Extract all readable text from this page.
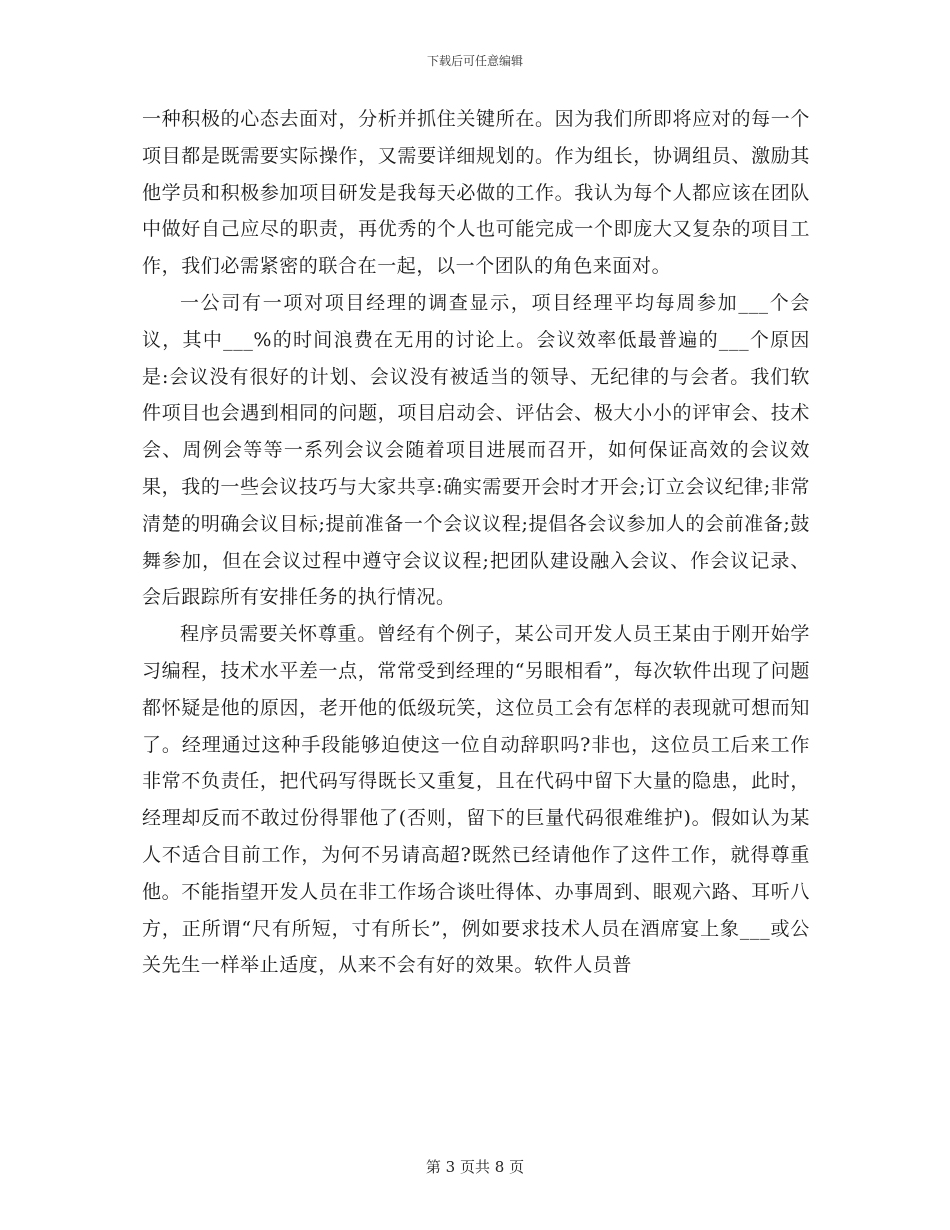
下载后可任意编辑

一种积极的心态去面对，分析并抓住关键所在。因为我们所即将应对的每一个项目都是既需要实际操作，又需要详细规划的。作为组长，协调组员、激励其他学员和积极参加项目研发是我每天必做的工作。我认为每个人都应该在团队中做好自己应尽的职责，再优秀的个人也可能完成一个即庞大又复杂的项目工作，我们必需紧密的联合在一起，以一个团队的角色来面对。

一公司有一项对项目经理的调查显示，项目经理平均每周参加___个会议，其中___%的时间浪费在无用的讨论上。会议效率低最普遍的___个原因是:会议没有很好的计划、会议没有被适当的领导、无纪律的与会者。我们软件项目也会遇到相同的问题，项目启动会、评估会、极大小小的评审会、技术会、周例会等等一系列会议会随着项目进展而召开，如何保证高效的会议效果，我的一些会议技巧与大家共享:确实需要开会时才开会;订立会议纪律;非常清楚的明确会议目标;提前准备一个会议议程;提倡各会议参加人的会前准备;鼓舞参加，但在会议过程中遵守会议议程;把团队建设融入会议、作会议记录、会后跟踪所有安排任务的执行情况。

程序员需要关怀尊重。曾经有个例子，某公司开发人员王某由于刚开始学习编程，技术水平差一点，常常受到经理的“另眼相看”，每次软件出现了问题都怀疑是他的原因，老开他的低级玩笑，这位员工会有怎样的表现就可想而知了。经理通过这种手段能够迫使这一位自动辞职吗?非也，这位员工后来工作非常不负责任，把代码写得既长又重复，且在代码中留下大量的隐患，此时，经理却反而不敢过份得罪他了(否则，留下的巨量代码很难维护)。假如认为某人不适合目前工作，为何不另请高超?既然已经请他作了这件工作，就得尊重他。不能指望开发人员在非工作场合谈吐得体、办事周到、眼观六路、耳听八方，正所谓“尺有所短，寸有所长”，例如要求技术人员在酒席宴上象___或公关先生一样举止适度，从来不会有好的效果。软件人员普

第 3 页共 8 页
